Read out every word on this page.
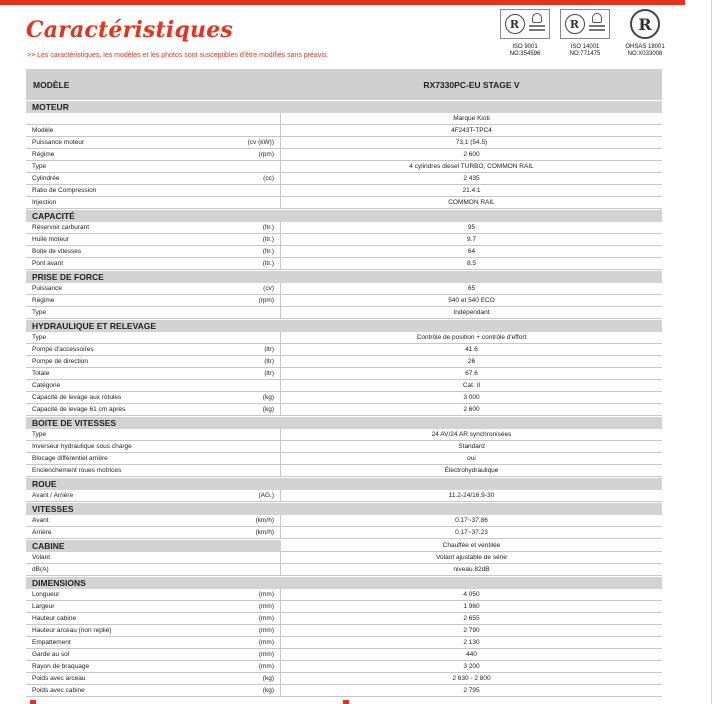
Caractéristiques
>> Les caractéristiques, les modèles et les photos sont susceptibles d'être modifiés sans préavis.
R
ISO 9001
NO:354596
R
ISO 14001
NO:771475
R
OHSAS 18001
NO:X033008
MODÈLE	RX7330PC-EU STAGE V
MOTEUR
Marque Kioti
Modèle	4F243T-TPC4
Puissance moteur	(cv (kW))	73,1 (54.5)
Régime	(rpm)	2 600
Type	4 cylindres diesel TURBO, COMMON RAIL
Cylindrée	(cc)	2 435
Ratio de Compression	21.4:1
Injection	COMMON RAIL
CAPACITÉ
Réservoir carburant	(ltr.)	95
Huile moteur	(ltr.)	9.7
Boite de vitesses	(ltr.)	64
Pont avant	(ltr.)	8.5
PRISE DE FORCE
Puissance	(cv)	65
Régime	(rpm)	540 et 540 ECO
Type	Indépendant
HYDRAULIQUE ET RELEVAGE
Type	Contrôle de position + contrôle d'effort
Pompe d'accessoires	(ltr)	41.6
Pompe de direction	(ltr)	26
Totale	(ltr)	67.6
Catégorie	Cat. II
Capacité de levage aux rotules	(kg)	3 000
Capacité de levage 61 cm après	(kg)	2 600
BOITE DE VITESSES
Type	24 AV/24 AR synchronisées
Inverseur hydraulique sous charge	Standard
Blocage différentiel arrière	oui
Enclenchement roues motrices	Électrohydraulique
ROUE
Avant / Arrière	(AG.)	11.2-24/16.9-30
VITESSES
Avant	(km/h)	0.17~37.86
Arrière	(km/h)	0.17~37.23
CABINE	Chauffée et ventilée
Volant	Volant ajustable de série
dB(A)	niveau 82dB
DIMENSIONS
Longueur	(mm)	4 050
Largeur	(mm)	1 960
Hauteur cabine	(mm)	2 655
Hauteur arceau (non replié)	(mm)	2 790
Empattement	(mm)	2 130
Garde au sol	(mm)	440
Rayon de braquage	(mm)	3 200
Poids avec arceau	(kg)	2 630 - 2 800
Poids avec cabine	(kg)	2 795
